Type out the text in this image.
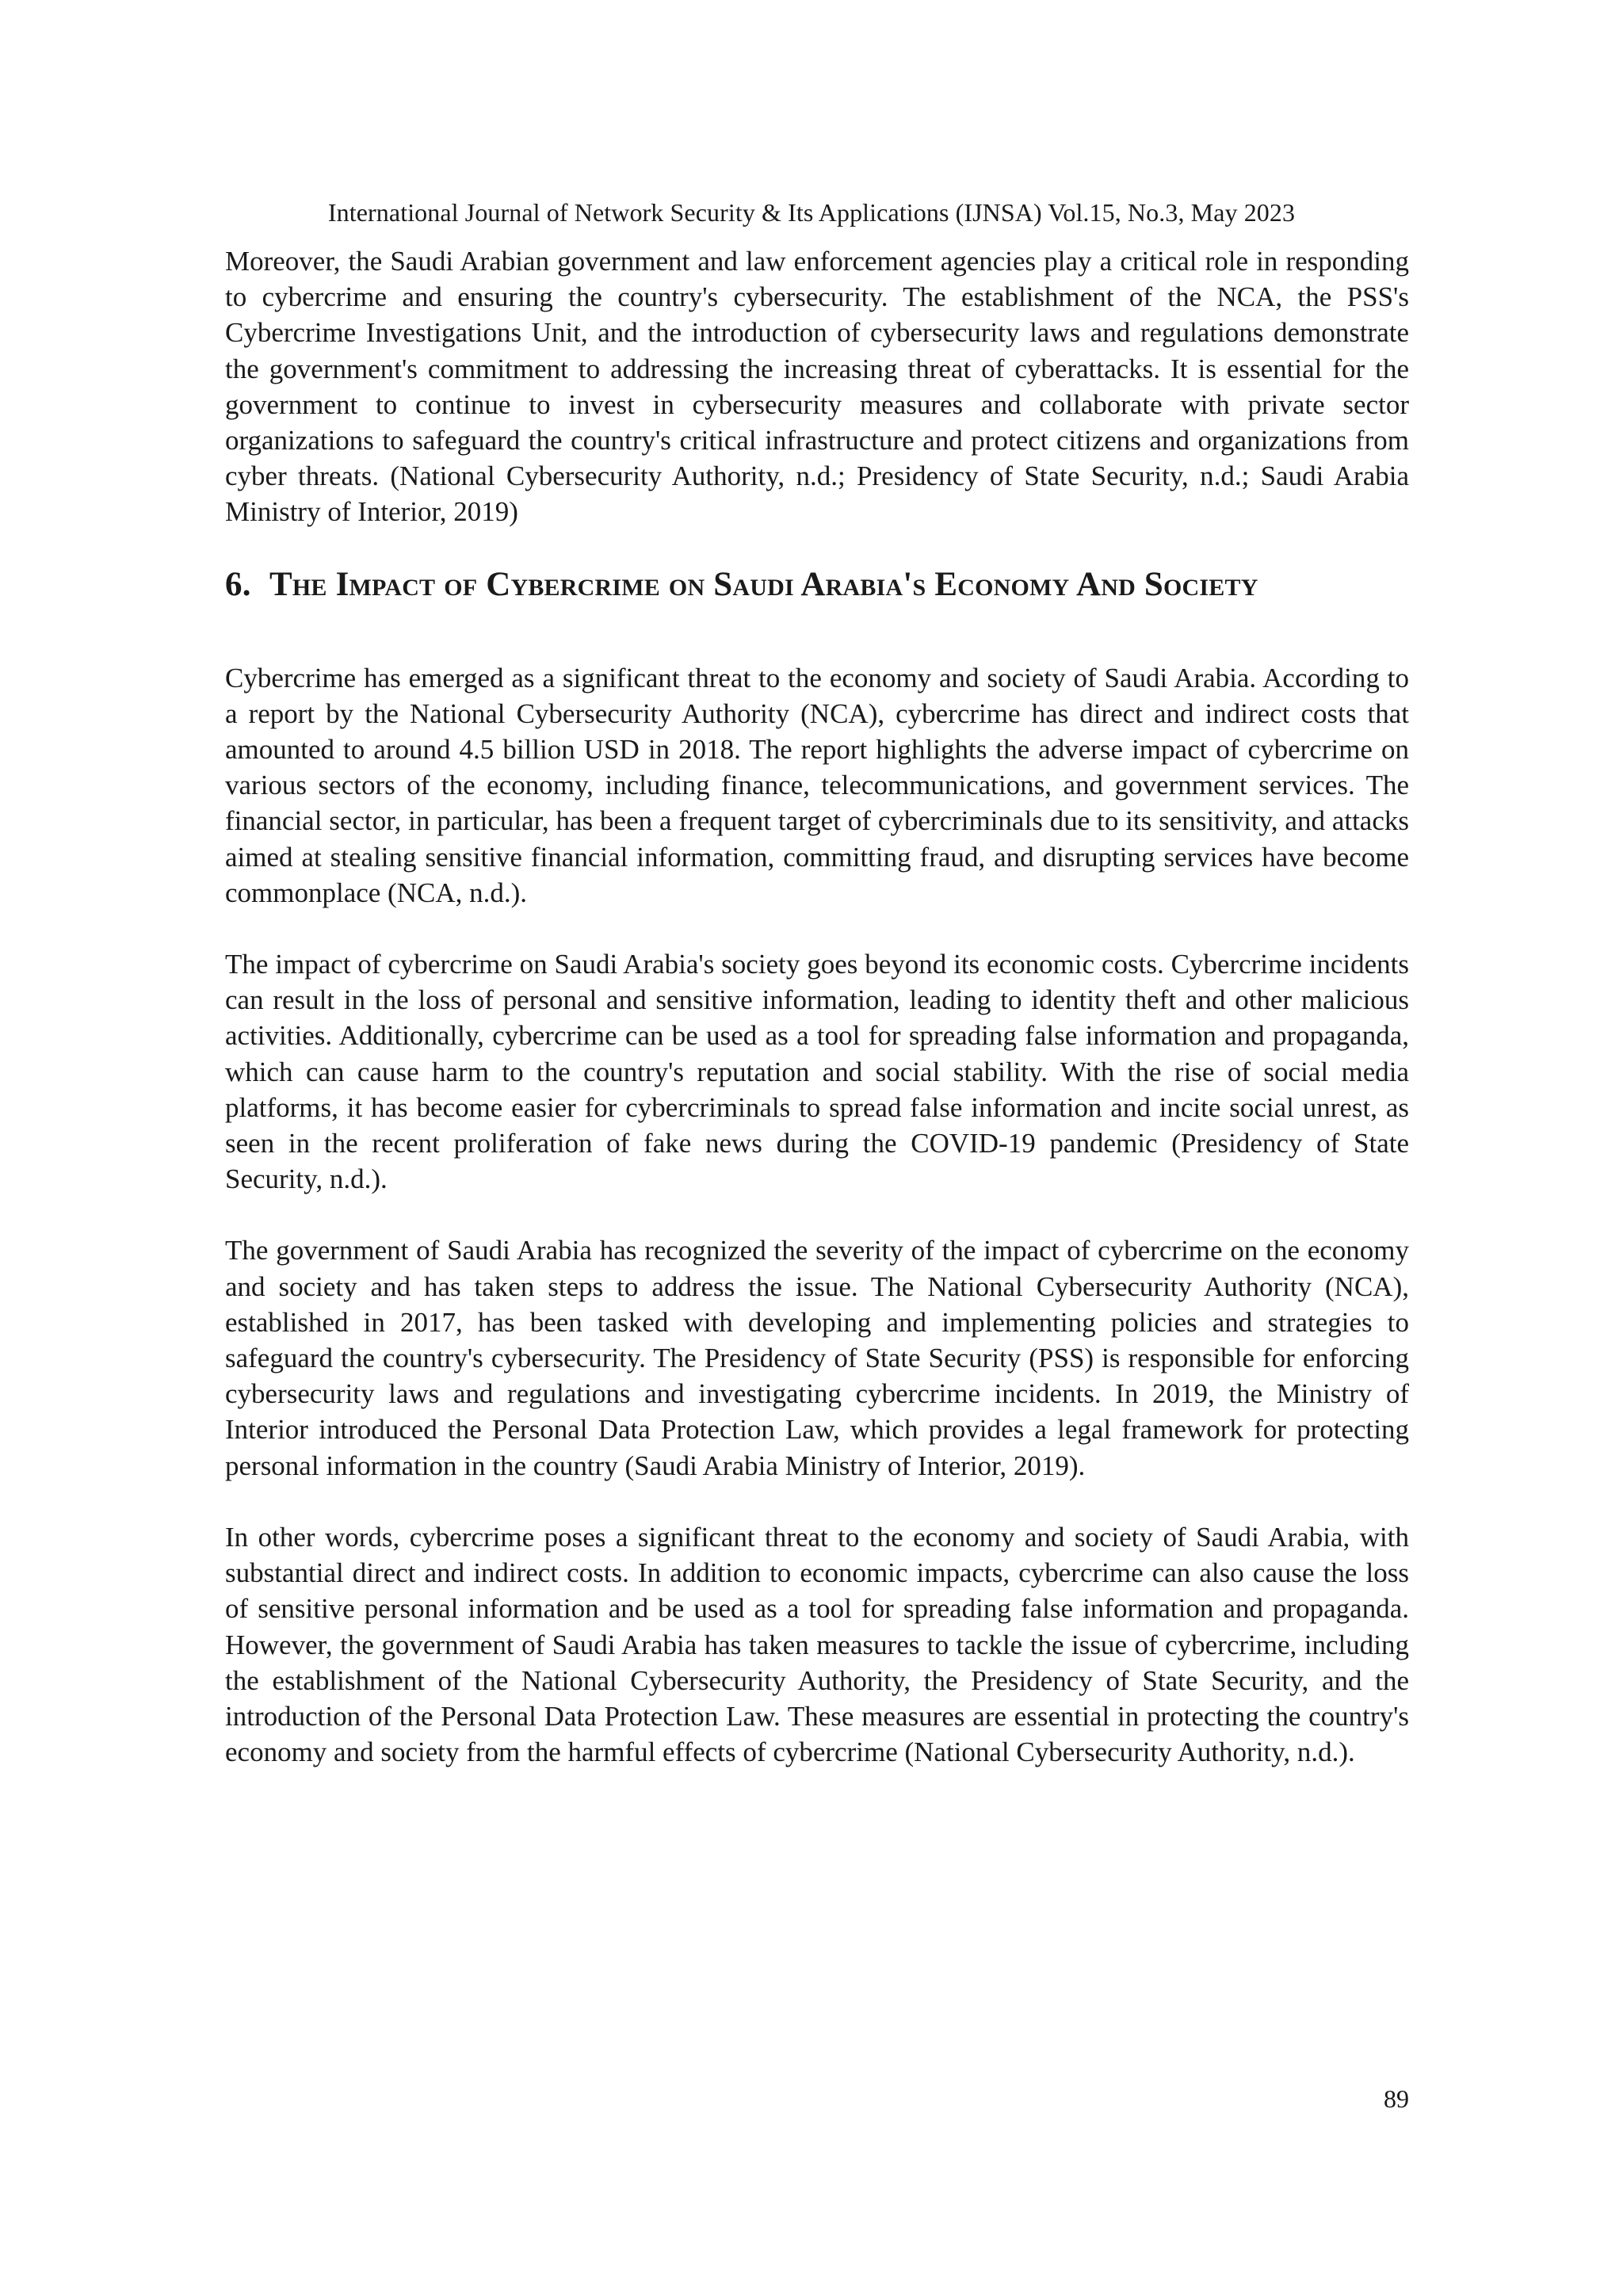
International Journal of Network Security & Its Applications (IJNSA) Vol.15, No.3, May 2023

Moreover, the Saudi Arabian government and law enforcement agencies play a critical role in responding to cybercrime and ensuring the country's cybersecurity. The establishment of the NCA, the PSS's Cybercrime Investigations Unit, and the introduction of cybersecurity laws and regulations demonstrate the government's commitment to addressing the increasing threat of cyberattacks. It is essential for the government to continue to invest in cybersecurity measures and collaborate with private sector organizations to safeguard the country's critical infrastructure and protect citizens and organizations from cyber threats. (National Cybersecurity Authority, n.d.; Presidency of State Security, n.d.; Saudi Arabia Ministry of Interior, 2019)

6. The Impact of Cybercrime on Saudi Arabia's Economy And Society

Cybercrime has emerged as a significant threat to the economy and society of Saudi Arabia. According to a report by the National Cybersecurity Authority (NCA), cybercrime has direct and indirect costs that amounted to around 4.5 billion USD in 2018. The report highlights the adverse impact of cybercrime on various sectors of the economy, including finance, telecommunications, and government services. The financial sector, in particular, has been a frequent target of cybercriminals due to its sensitivity, and attacks aimed at stealing sensitive financial information, committing fraud, and disrupting services have become commonplace (NCA, n.d.).

The impact of cybercrime on Saudi Arabia's society goes beyond its economic costs. Cybercrime incidents can result in the loss of personal and sensitive information, leading to identity theft and other malicious activities. Additionally, cybercrime can be used as a tool for spreading false information and propaganda, which can cause harm to the country's reputation and social stability. With the rise of social media platforms, it has become easier for cybercriminals to spread false information and incite social unrest, as seen in the recent proliferation of fake news during the COVID-19 pandemic (Presidency of State Security, n.d.).

The government of Saudi Arabia has recognized the severity of the impact of cybercrime on the economy and society and has taken steps to address the issue. The National Cybersecurity Authority (NCA), established in 2017, has been tasked with developing and implementing policies and strategies to safeguard the country's cybersecurity. The Presidency of State Security (PSS) is responsible for enforcing cybersecurity laws and regulations and investigating cybercrime incidents. In 2019, the Ministry of Interior introduced the Personal Data Protection Law, which provides a legal framework for protecting personal information in the country (Saudi Arabia Ministry of Interior, 2019).

In other words, cybercrime poses a significant threat to the economy and society of Saudi Arabia, with substantial direct and indirect costs. In addition to economic impacts, cybercrime can also cause the loss of sensitive personal information and be used as a tool for spreading false information and propaganda. However, the government of Saudi Arabia has taken measures to tackle the issue of cybercrime, including the establishment of the National Cybersecurity Authority, the Presidency of State Security, and the introduction of the Personal Data Protection Law. These measures are essential in protecting the country's economy and society from the harmful effects of cybercrime (National Cybersecurity Authority, n.d.).

89
